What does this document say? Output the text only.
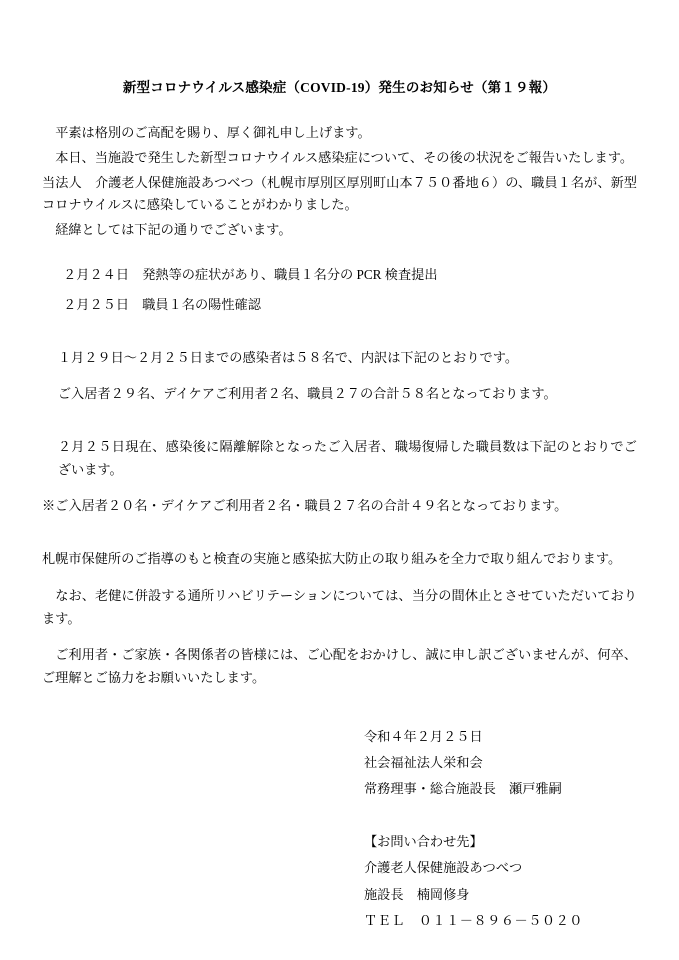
新型コロナウイルス感染症（COVID-19）発生のお知らせ（第１９報）

平素は格別のご高配を賜り、厚く御礼申し上げます。

本日、当施設で発生した新型コロナウイルス感染症について、その後の状況をご報告いたします。

当法人　介護老人保健施設あつべつ（札幌市厚別区厚別町山本７５０番地６）の、職員１名が、新型コロナウイルスに感染していることがわかりました。

経緯としては下記の通りでございます。

２月２４日　発熱等の症状があり、職員１名分の PCR 検査提出

２月２５日　職員１名の陽性確認

１月２９日～２月２５日までの感染者は５８名で、内訳は下記のとおりです。

ご入居者２９名、デイケアご利用者２名、職員２７の合計５８名となっております。

２月２５日現在、感染後に隔離解除となったご入居者、職場復帰した職員数は下記のとおりでございます。

※ご入居者２０名・デイケアご利用者２名・職員２７名の合計４９名となっております。

札幌市保健所のご指導のもと検査の実施と感染拡大防止の取り組みを全力で取り組んでおります。

なお、老健に併設する通所リハビリテーションについては、当分の間休止とさせていただいております。

ご利用者・ご家族・各関係者の皆様には、ご心配をおかけし、誠に申し訳ございませんが、何卒、ご理解とご協力をお願いいたします。

令和４年２月２５日
社会福祉法人栄和会
常務理事・総合施設長　瀬戸雅嗣
【お問い合わせ先】
介護老人保健施設あつべつ
施設長　楠岡修身
ＴＥＬ　０１１－８９６－５０２０
